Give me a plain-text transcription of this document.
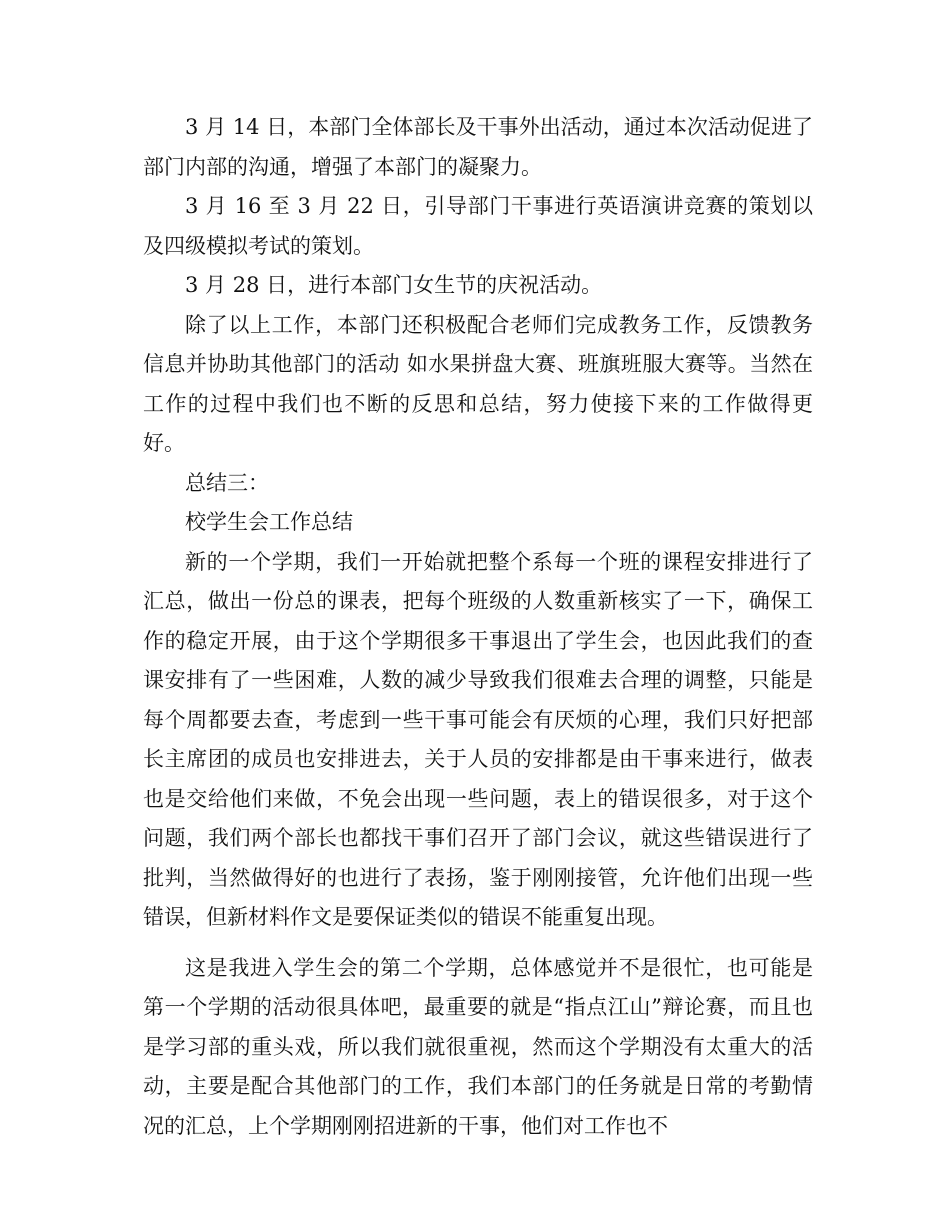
3 月 14 日，本部门全体部长及干事外出活动，通过本次活动促进了部门内部的沟通，增强了本部门的凝聚力。

3 月 16 至 3 月 22 日，引导部门干事进行英语演讲竞赛的策划以及四级模拟考试的策划。

3 月 28 日，进行本部门女生节的庆祝活动。

除了以上工作，本部门还积极配合老师们完成教务工作，反馈教务信息并协助其他部门的活动 如水果拼盘大赛、班旗班服大赛等。当然在工作的过程中我们也不断的反思和总结，努力使接下来的工作做得更好。

总结三：

校学生会工作总结

新的一个学期，我们一开始就把整个系每一个班的课程安排进行了汇总，做出一份总的课表，把每个班级的人数重新核实了一下，确保工作的稳定开展，由于这个学期很多干事退出了学生会，也因此我们的查课安排有了一些困难，人数的减少导致我们很难去合理的调整，只能是每个周都要去查，考虑到一些干事可能会有厌烦的心理，我们只好把部长主席团的成员也安排进去，关于人员的安排都是由干事来进行，做表也是交给他们来做，不免会出现一些问题，表上的错误很多，对于这个问题，我们两个部长也都找干事们召开了部门会议，就这些错误进行了批判，当然做得好的也进行了表扬，鉴于刚刚接管，允许他们出现一些错误，但新材料作文是要保证类似的错误不能重复出现。

这是我进入学生会的第二个学期，总体感觉并不是很忙，也可能是第一个学期的活动很具体吧，最重要的就是“指点江山”辩论赛，而且也是学习部的重头戏，所以我们就很重视，然而这个学期没有太重大的活动，主要是配合其他部门的工作，我们本部门的任务就是日常的考勤情况的汇总，上个学期刚刚招进新的干事，他们对工作也不
